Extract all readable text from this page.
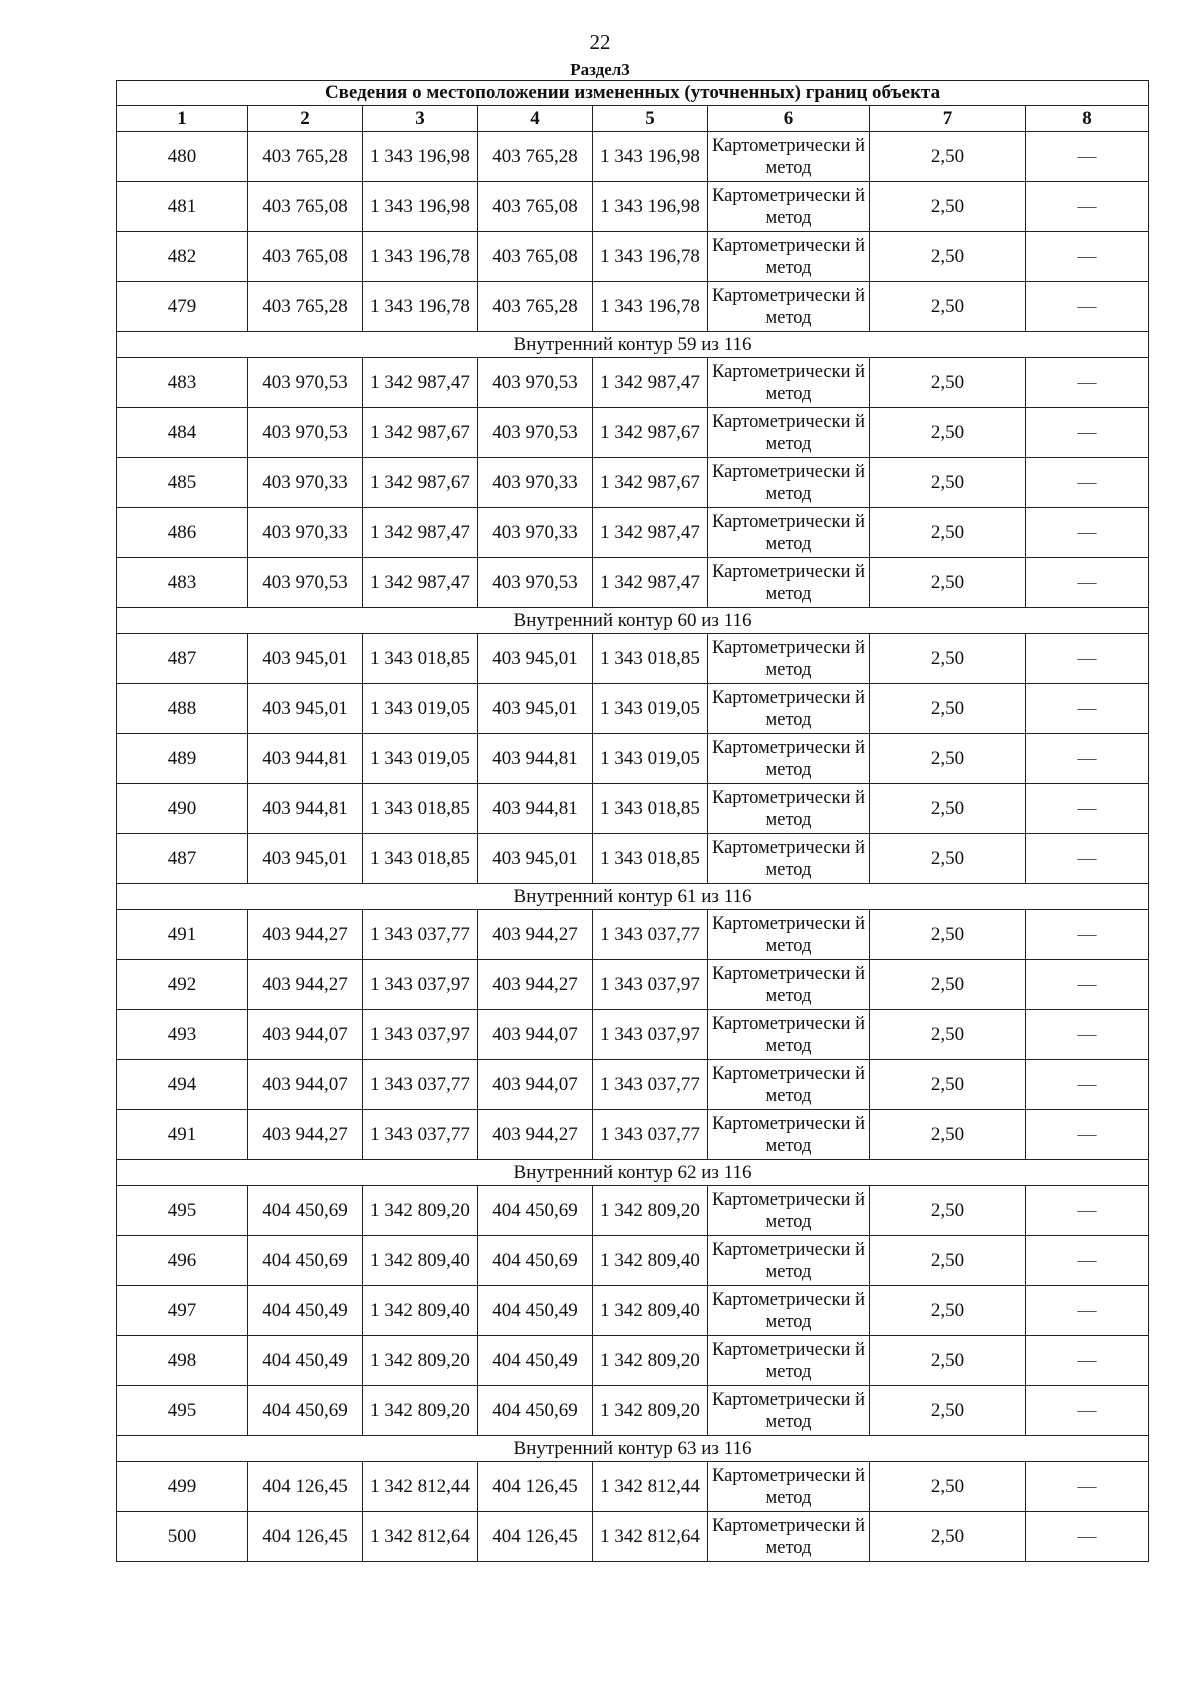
22
Раздел3
Сведения о местоположении измененных (уточненных) границ объекта							
1	2	3	4	5	6	7	8
480	403 765,28	1 343 196,98	403 765,28	1 343 196,98	Картометрически й метод	2,50	—
481	403 765,08	1 343 196,98	403 765,08	1 343 196,98	Картометрически й метод	2,50	—
482	403 765,08	1 343 196,78	403 765,08	1 343 196,78	Картометрически й метод	2,50	—
479	403 765,28	1 343 196,78	403 765,28	1 343 196,78	Картометрически й метод	2,50	—
Внутренний контур 59 из 116							
483	403 970,53	1 342 987,47	403 970,53	1 342 987,47	Картометрически й метод	2,50	—
484	403 970,53	1 342 987,67	403 970,53	1 342 987,67	Картометрически й метод	2,50	—
485	403 970,33	1 342 987,67	403 970,33	1 342 987,67	Картометрически й метод	2,50	—
486	403 970,33	1 342 987,47	403 970,33	1 342 987,47	Картометрически й метод	2,50	—
483	403 970,53	1 342 987,47	403 970,53	1 342 987,47	Картометрически й метод	2,50	—
Внутренний контур 60 из 116							
487	403 945,01	1 343 018,85	403 945,01	1 343 018,85	Картометрически й метод	2,50	—
488	403 945,01	1 343 019,05	403 945,01	1 343 019,05	Картометрически й метод	2,50	—
489	403 944,81	1 343 019,05	403 944,81	1 343 019,05	Картометрически й метод	2,50	—
490	403 944,81	1 343 018,85	403 944,81	1 343 018,85	Картометрически й метод	2,50	—
487	403 945,01	1 343 018,85	403 945,01	1 343 018,85	Картометрически й метод	2,50	—
Внутренний контур 61 из 116							
491	403 944,27	1 343 037,77	403 944,27	1 343 037,77	Картометрически й метод	2,50	—
492	403 944,27	1 343 037,97	403 944,27	1 343 037,97	Картометрически й метод	2,50	—
493	403 944,07	1 343 037,97	403 944,07	1 343 037,97	Картометрически й метод	2,50	—
494	403 944,07	1 343 037,77	403 944,07	1 343 037,77	Картометрически й метод	2,50	—
491	403 944,27	1 343 037,77	403 944,27	1 343 037,77	Картометрически й метод	2,50	—
Внутренний контур 62 из 116							
495	404 450,69	1 342 809,20	404 450,69	1 342 809,20	Картометрически й метод	2,50	—
496	404 450,69	1 342 809,40	404 450,69	1 342 809,40	Картометрически й метод	2,50	—
497	404 450,49	1 342 809,40	404 450,49	1 342 809,40	Картометрически й метод	2,50	—
498	404 450,49	1 342 809,20	404 450,49	1 342 809,20	Картометрически й метод	2,50	—
495	404 450,69	1 342 809,20	404 450,69	1 342 809,20	Картометрически й метод	2,50	—
Внутренний контур 63 из 116							
499	404 126,45	1 342 812,44	404 126,45	1 342 812,44	Картометрически й метод	2,50	—
500	404 126,45	1 342 812,64	404 126,45	1 342 812,64	Картометрически й метод	2,50	—
